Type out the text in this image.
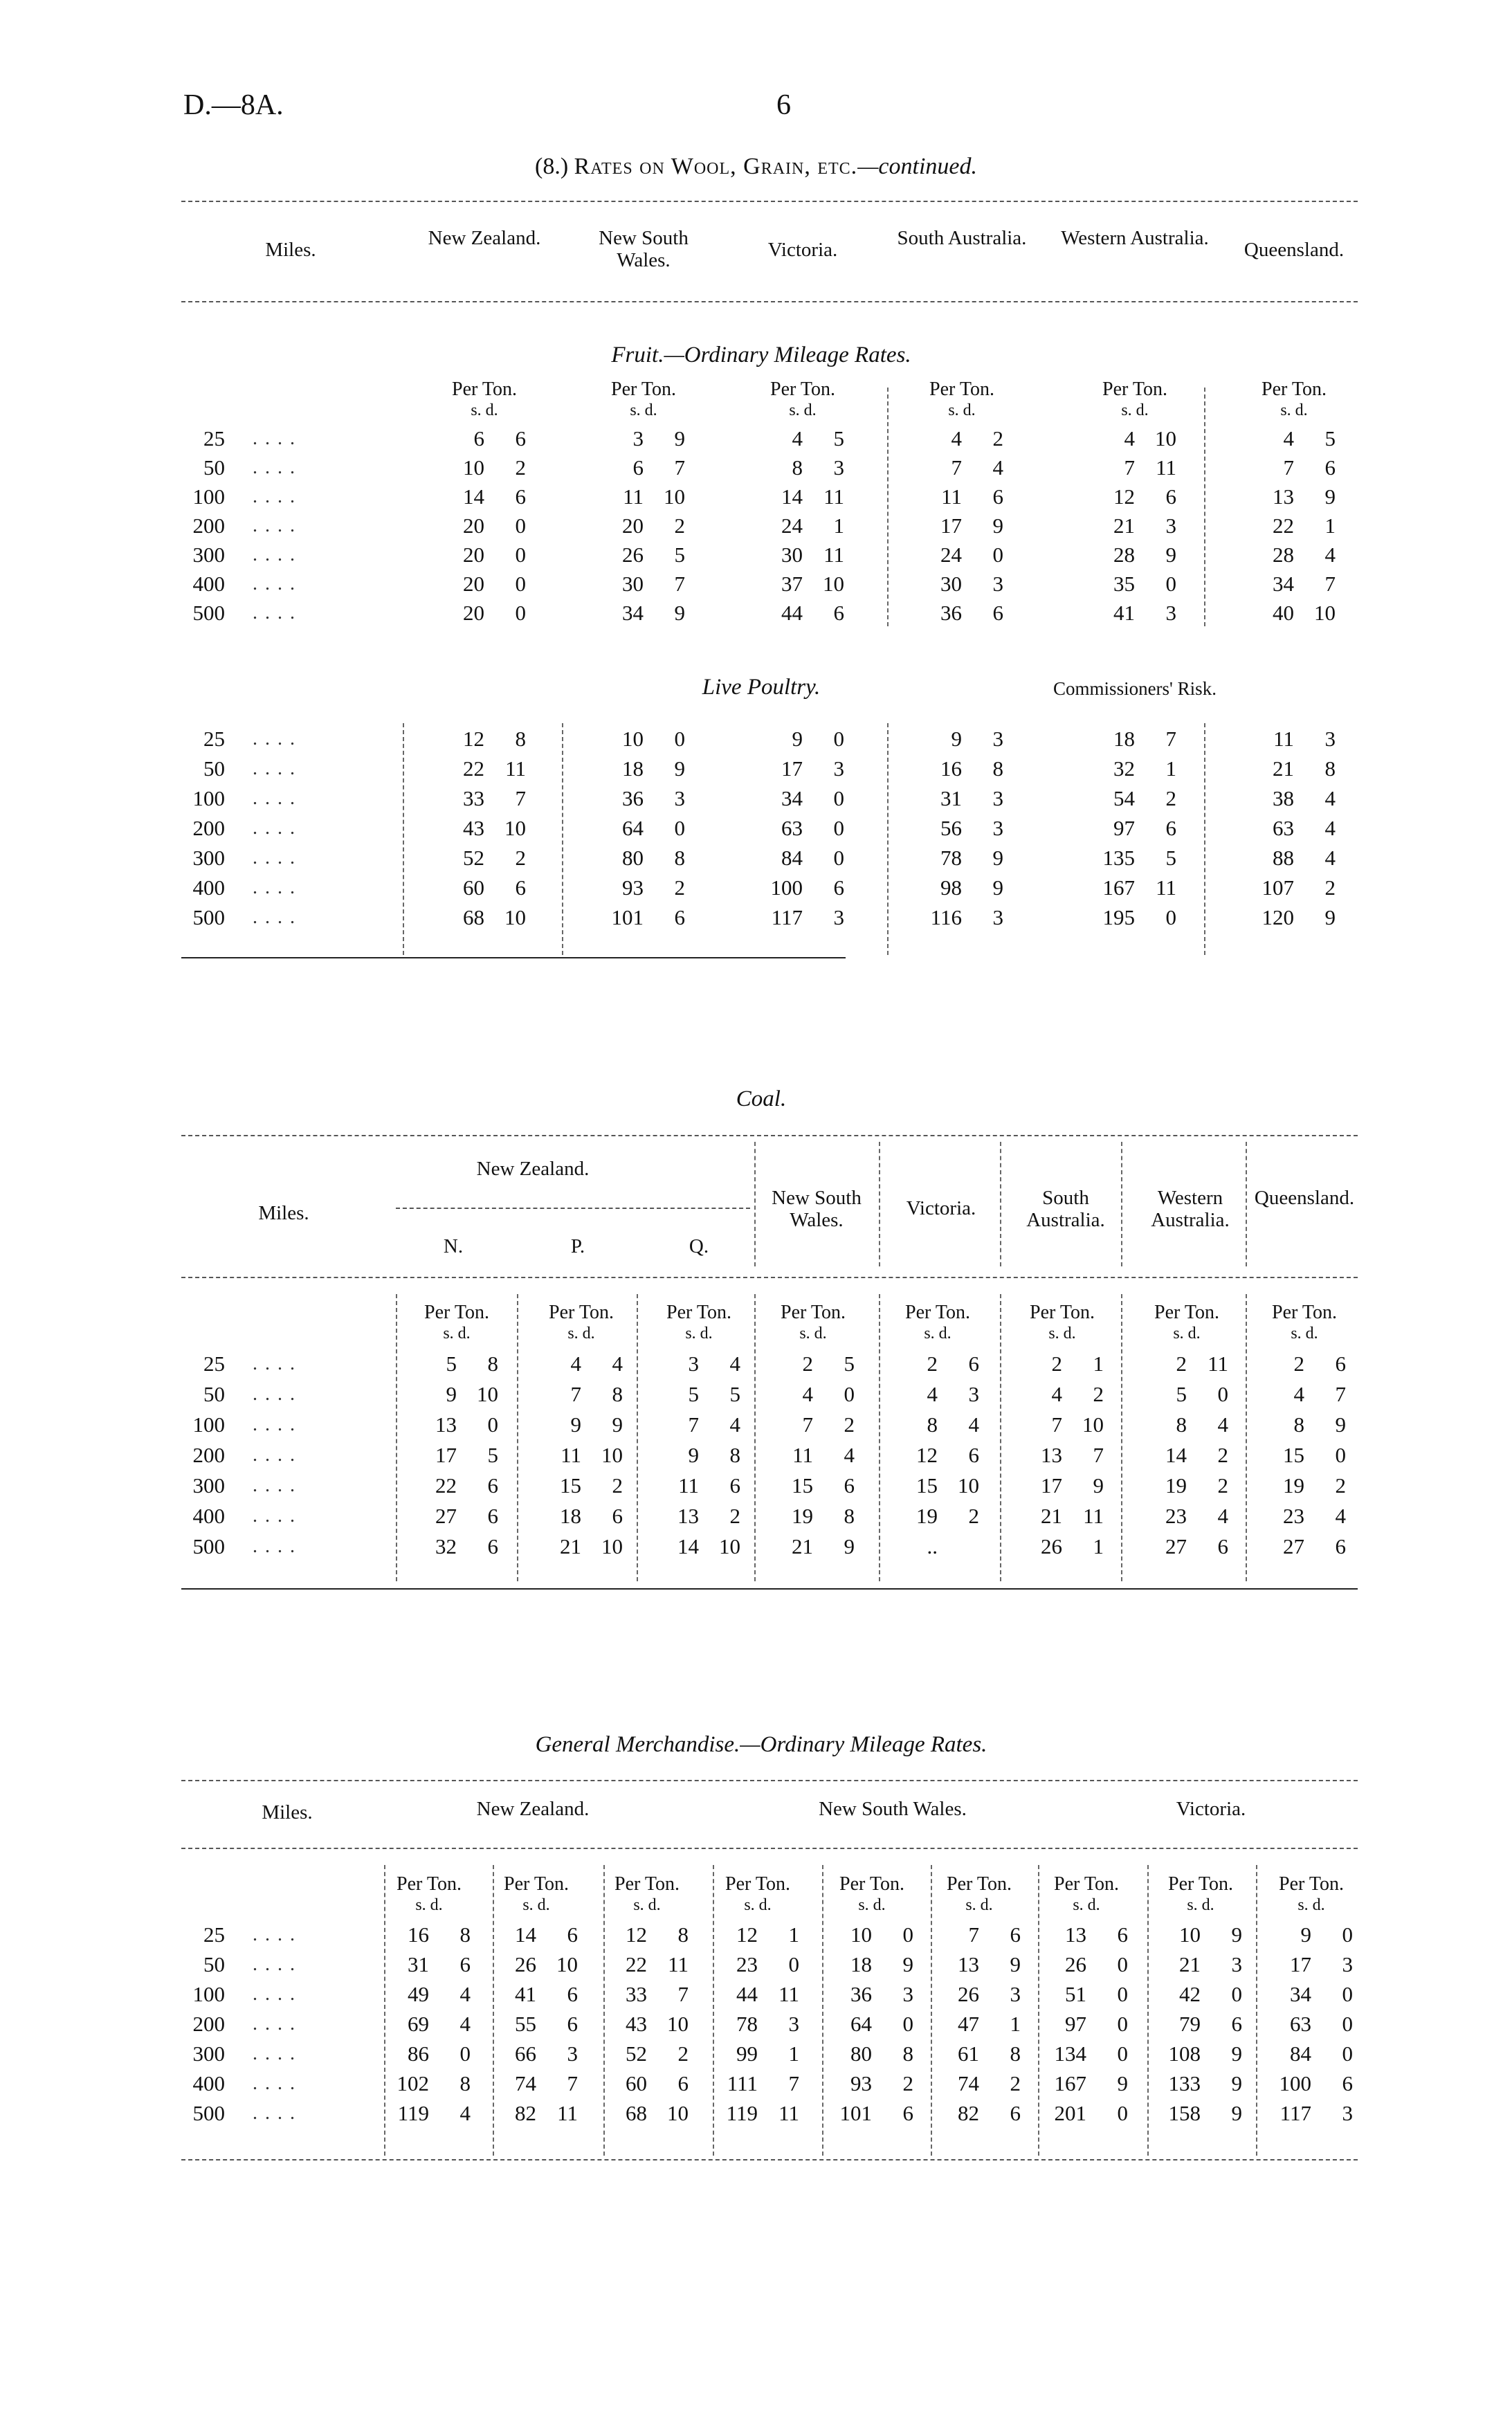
D.—8A.	6
(8.) Rates on Wool, Grain, etc.—continued.
Miles.
New Zealand.	New South Wales.	Victoria.
South Australia. Western Australia.
Queensland.
Fruit.—Ordinary Mileage Rates.
Per Ton.
s. d.
Per Ton.
s. d.
Per Ton.
s. d.
Per Ton.
s. d.
Per Ton.
s. d.
Per Ton.
s. d.
25 . . . .	6 6	3 9	4 5	4 2	4 10	4 5
50 . . . .	10 2	6 7	8 3	7 4	7 11	7 6
100 . . . .	14 6	11 10	14 11	11 6	12 6	13 9
200 . . . .	20 0	20 2	24 1	17 9	21 3	22 1
300 . . . .	20 0	26 5	30 11	24 0	28 9	28 4
400 . . . .	20 0	30 7	37 10	30 3	35 0	34 7
500 . . . .	20 0	34 9	44 6	36 6	41 3	40 10
Live Poultry.	Commissioners' Risk.
25 . . . .	12 8	10 0	9 0	9 3	18 7	11 3
50 . . . .	22 11	18 9	17 3	16 8	32 1	21 8
100 . . . .	33 7	36 3	34 0	31 3	54 2	38 4
200 . . . .	43 10	64 0	63 0	56 3	97 6	63 4
300 . . . .	52 2	80 8	84 0	78 9	135 5	88 4
400 . . . .	60 6	93 2	100 6	98 9	167 11	107 2
500 . . . .	68 10	101 6	117 3	116 3	195 0	120 9
Coal.
Miles.
New Zealand.
N.	P.	Q.
New South Wales.
Victoria.	South Australia.
Western Australia.
Queensland.
Per Ton.
s. d.
Per Ton.
s. d.
Per Ton.
s. d.
Per Ton.
s. d.
Per Ton.
s. d.
Per Ton.
s. d.
Per Ton.
s. d.
Per Ton.
s. d.
25 . . . .	5 8	4 4	3 4	2 5	2 6	2 1	2 11	2 6
50 . . . .	9 10	7 8	5 5	4 0	4 3	4 2	5 0	4 7
100 . . . .	13 0	9 9	7 4	7 2	8 4	7 10	8 4	8 9
200 . . . .	17 5	11 10	9 8	11 4	12 6	13 7	14 2	15 0
300 . . . .	22 6	15 2	11 6	15 6	15 10	17 9	19 2	19 2
400 . . . .	27 6	18 6	13 2	19 8	19 2	21 11	23 4	23 4
500 . . . .	32 6	21 10	14 10	21 9	..	26 1	27 6	27 6
General Merchandise.—Ordinary Mileage Rates.
Miles.	New Zealand.	New South Wales.	Victoria.
Per Ton.
s. d.
Per Ton.
s. d.
Per Ton.
s. d.
Per Ton.
s. d.
Per Ton.
s. d.
Per Ton.
s. d.
Per Ton.
s. d.
Per Ton.
s. d.
Per Ton.
s. d.
25 . . . .	16 8	14 6	12 8	12 1	10 0	7 6	13 6	10 9	9 0
50 . . . .	31 6	26 10	22 11	23 0	18 9	13 9	26 0	21 3	17 3
100 . . . .	49 4	41 6	33 7	44 11	36 3	26 3	51 0	42 0	34 0
200 . . . .	69 4	55 6	43 10	78 3	64 0	47 1	97 0	79 6	63 0
300 . . . .	86 0	66 3	52 2	99 1	80 8	61 8	134 0	108 9	84 0
400 . . . .	102 8	74 7	60 6	111 7	93 2	74 2	167 9	133 9	100 6
500 . . . .	119 4	82 11	68 10	119 11	101 6	82 6	201 0	158 9	117 3
